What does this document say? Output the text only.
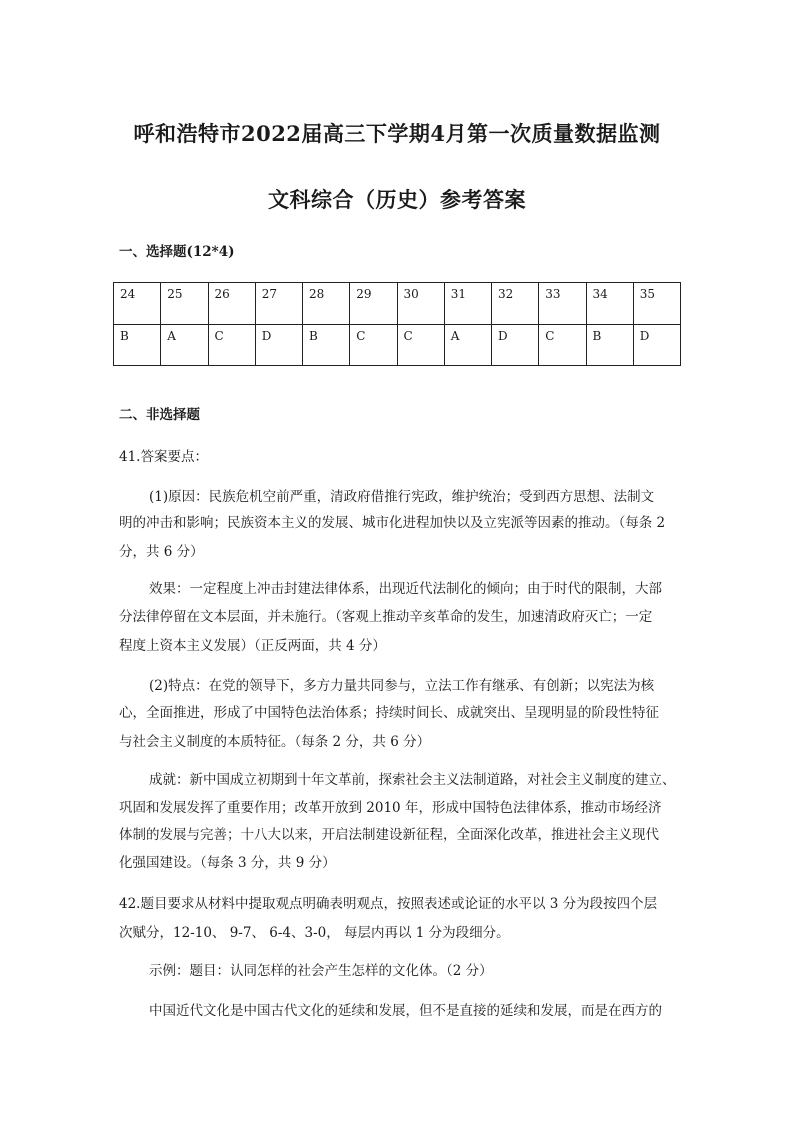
呼和浩特市2022届高三下学期4月第一次质量数据监测
文科综合（历史）参考答案
一、选择题(12*4)
24	25	26	27	28	29	30	31	32	33	34	35
B	A	C	D	B	C	C	A	D	C	B	D
二、非选择题
41.答案要点：
(1)原因：民族危机空前严重，清政府借推行宪政，维护统治；受到西方思想、法制文
明的冲击和影响；民族资本主义的发展、城市化进程加快以及立宪派等因素的推动。（每条 2
分，共 6 分）
效果：一定程度上冲击封建法律体系，出现近代法制化的倾向；由于时代的限制，大部
分法律停留在文本层面，并未施行。（客观上推动辛亥革命的发生，加速清政府灭亡；一定
程度上资本主义发展）（正反两面，共 4 分）
(2)特点：在党的领导下，多方力量共同参与，立法工作有继承、有创新；以宪法为核
心，全面推进，形成了中国特色法治体系；持续时间长、成就突出、呈现明显的阶段性特征
与社会主义制度的本质特征。（每条 2 分，共 6 分）
成就：新中国成立初期到十年文革前，探索社会主义法制道路，对社会主义制度的建立、
巩固和发展发挥了重要作用；改革开放到 2010 年，形成中国特色法律体系，推动市场经济
体制的发展与完善；十八大以来，开启法制建设新征程，全面深化改革，推进社会主义现代
化强国建设。（每条 3 分，共 9 分）
42.题目要求从材料中提取观点明确表明观点，按照表述或论证的水平以 3 分为段按四个层
次赋分，12-10、 9-7、 6-4、3-0， 每层内再以 1 分为段细分。
示例：题目：认同怎样的社会产生怎样的文化体。（2 分）
中国近代文化是中国古代文化的延续和发展，但不是直接的延续和发展，而是在西方的
